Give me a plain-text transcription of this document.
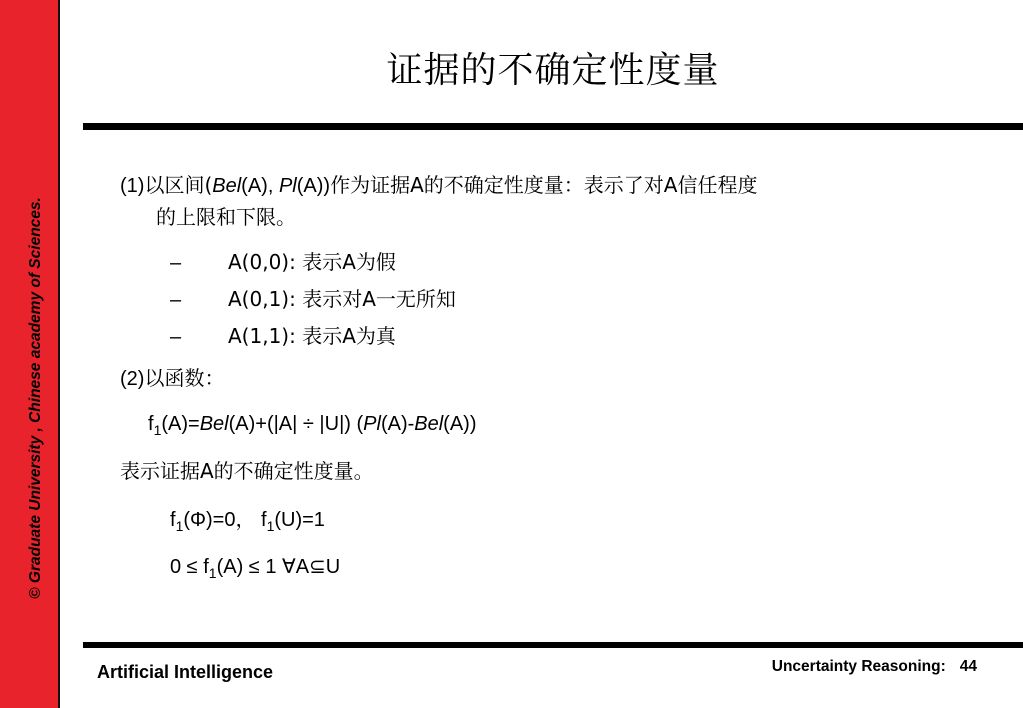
© Graduate University , Chinese academy of Sciences.
证据的不确定性度量
(1)以区间(Bel(A), Pl(A))作为证据A的不确定性度量：表示了对A信任程度
的上限和下限。
– A(0,0): 表示A为假
– A(0,1): 表示对A一无所知
– A(1,1): 表示A为真
(2)以函数：
$f_1(A)=Bel(A)+(|A| \div |U|)$ (Pl(A)-Bel(A))
表示证据A的不确定性度量。
$f_1(\Phi)=0$， $f_1(U)=1$
$0 \le f_1(A) \le 1$ ∀A⊆U
Artificial Intelligence	Uncertainty Reasoning: 44
